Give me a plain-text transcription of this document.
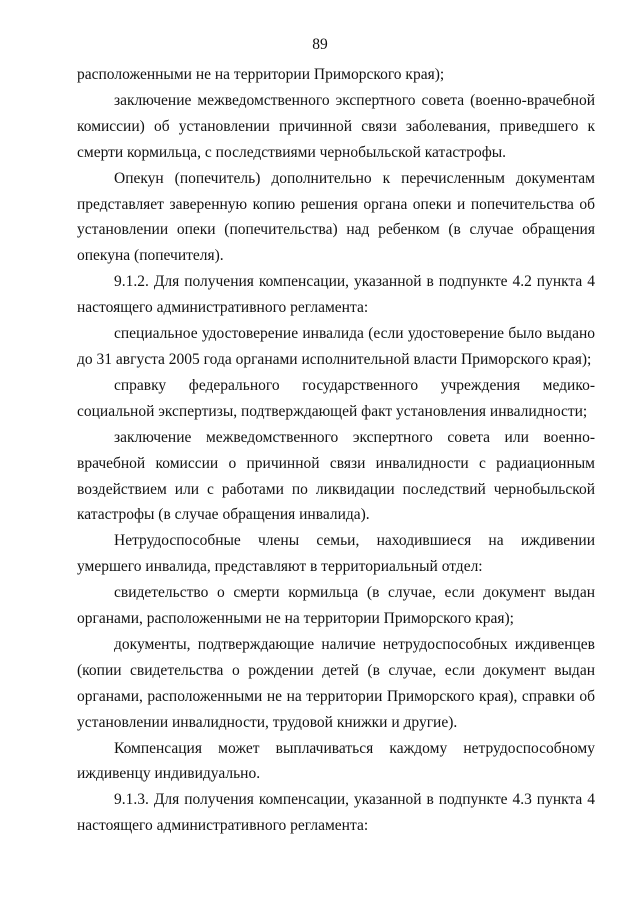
89

расположенными не на территории Приморского края);

заключение межведомственного экспертного совета (военно-врачебной комиссии) об установлении причинной связи заболевания, приведшего к смерти кормильца, с последствиями чернобыльской катастрофы.

Опекун (попечитель) дополнительно к перечисленным документам представляет заверенную копию решения органа опеки и попечительства об установлении опеки (попечительства) над ребенком (в случае обращения опекуна (попечителя).

9.1.2. Для получения компенсации, указанной в подпункте 4.2 пункта 4 настоящего административного регламента:

специальное удостоверение инвалида (если удостоверение было выдано до 31 августа 2005 года органами исполнительной власти Приморского края);

справку федерального государственного учреждения медико-социальной экспертизы, подтверждающей факт установления инвалидности;

заключение межведомственного экспертного совета или военно-врачебной комиссии о причинной связи инвалидности с радиационным воздействием или с работами по ликвидации последствий чернобыльской катастрофы (в случае обращения инвалида).

Нетрудоспособные члены семьи, находившиеся на иждивении умершего инвалида, представляют в территориальный отдел:

свидетельство о смерти кормильца (в случае, если документ выдан органами, расположенными не на территории Приморского края);

документы, подтверждающие наличие нетрудоспособных иждивенцев (копии свидетельства о рождении детей (в случае, если документ выдан органами, расположенными не на территории Приморского края), справки об установлении инвалидности, трудовой книжки и другие).

Компенсация может выплачиваться каждому нетрудоспособному иждивенцу индивидуально.

9.1.3. Для получения компенсации, указанной в подпункте 4.3 пункта 4 настоящего административного регламента:
